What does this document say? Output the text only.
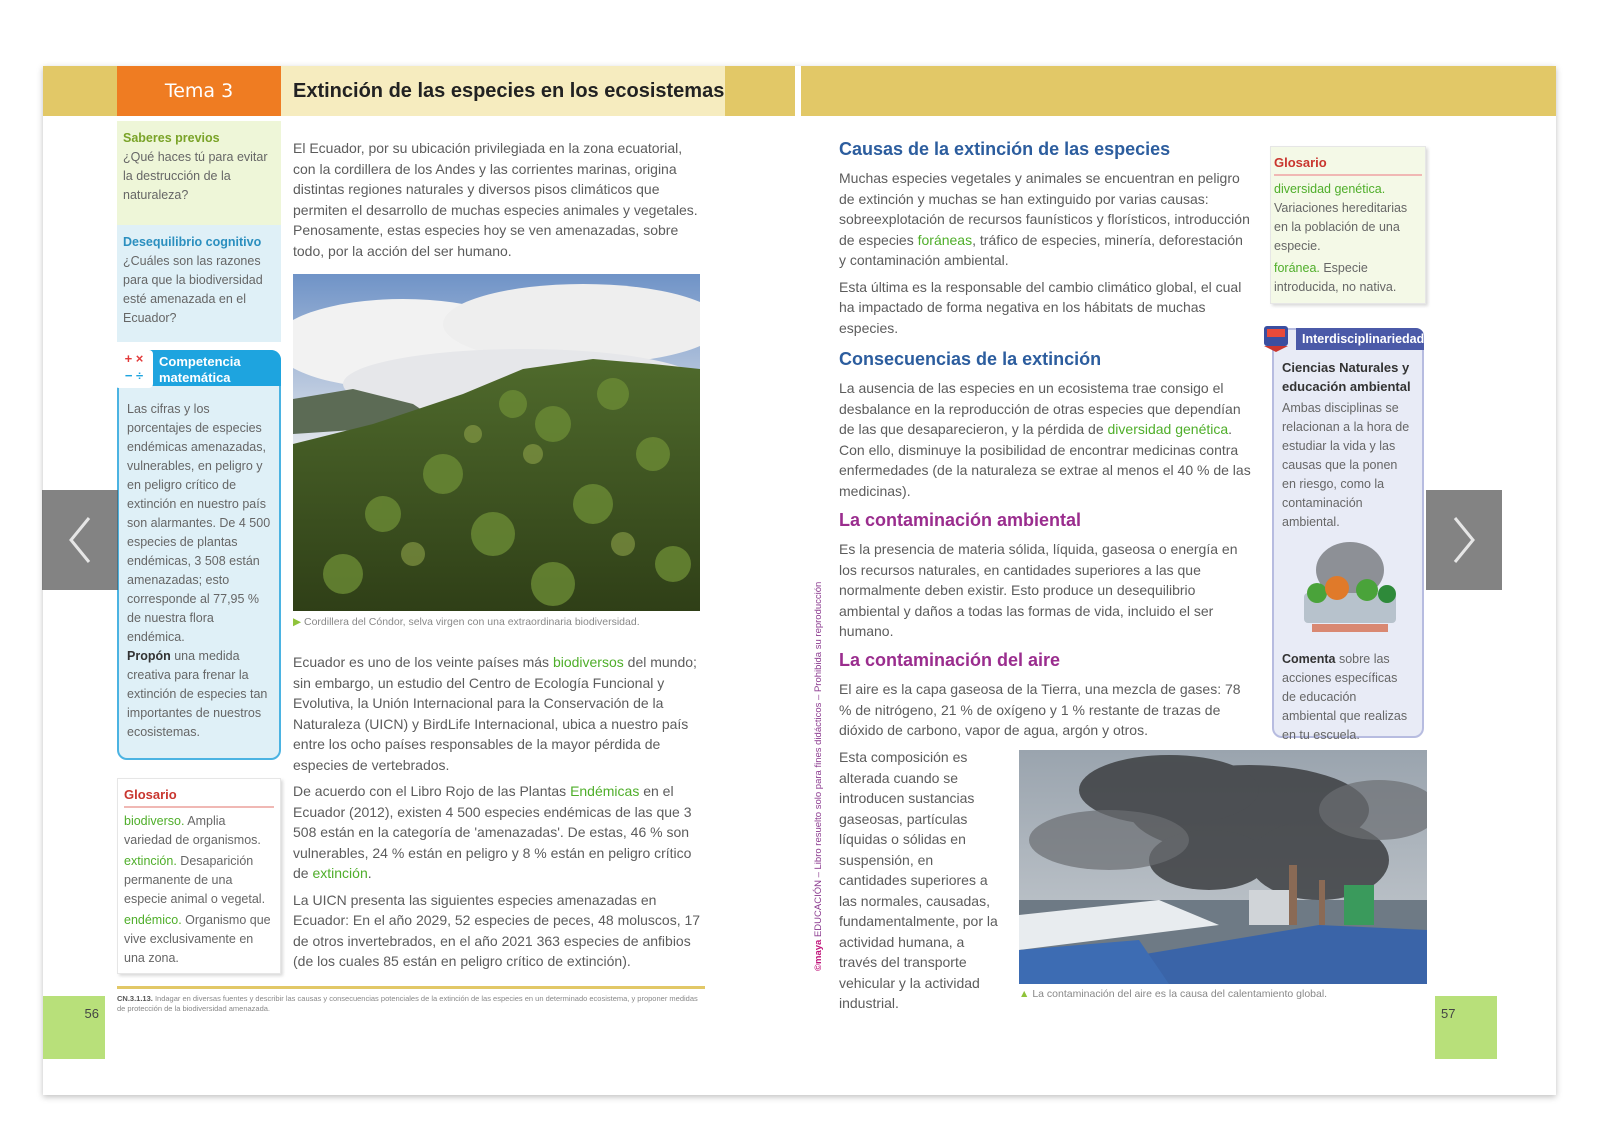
Tema 3	Extinción de las especies en los ecosistemas
Saberes previos
¿Qué haces tú para evitar la destrucción de la naturaleza?
Desequilibrio cognitivo
¿Cuáles son las razones para que la biodiversidad esté amenazada en el Ecuador?
Competencia
matemática
+ ×
− ÷
Las cifras y los porcentajes de especies endémicas amenazadas, vulnerables, en peligro y en peligro crítico de extinción en nuestro país son alarmantes. De 4 500 especies de plantas endémicas, 3 508 están amenazadas; esto corresponde al 77,95 % de nuestra flora endémica.
Propón una medida creativa para frenar la extinción de especies tan importantes de nuestros ecosistemas.
Glosario

biodiverso. Amplia variedad de organismos.

extinción. Desaparición permanente de una especie animal o vegetal.

endémico. Organismo que vive exclusivamente en una zona.

El Ecuador, por su ubicación privilegiada en la zona ecuatorial, con la cordillera de los Andes y las corrientes marinas, origina distintas regiones naturales y diversos pisos climáticos que permiten el desarrollo de muchas especies animales y vegetales. Penosamente, estas especies hoy se ven amenazadas, sobre todo, por la acción del ser humano.

▶ Cordillera del Cóndor, selva virgen con una extraordinaria biodiversidad.

Ecuador es uno de los veinte países más biodiversos del mundo; sin embargo, un estudio del Centro de Ecología Funcional y Evolutiva, la Unión Internacional para la Conservación de la Naturaleza (UICN) y BirdLife Internacional, ubica a nuestro país entre los ocho países responsables de la mayor pérdida de especies de vertebrados.

De acuerdo con el Libro Rojo de las Plantas Endémicas en el Ecuador (2012), existen 4 500 especies endémicas de las que 3 508 están en la categoría de 'amenazadas'. De estas, 46 % son vulnerables, 24 % están en peligro y 8 % están en peligro crítico de extinción.

La UICN presenta las siguientes especies amenazadas en Ecuador: En el año 2029, 52 especies de peces, 48 moluscos, 17 de otros invertebrados, en el año 2021 363 especies de anfibios (de los cuales 85 están en peligro crítico de extinción).

CN.3.1.13. Indagar en diversas fuentes y describir las causas y consecuencias potenciales de la extinción de las especies en un determinado ecosistema, y proponer medidas de protección de la biodiversidad amenazada.
56
©maya EDUCACIÓN – Libro resuelto solo para fines didácticos – Prohibida su reproducción
Causas de la extinción de las especies

Muchas especies vegetales y animales se encuentran en peligro de extinción y muchas se han extinguido por varias causas: sobreexplotación de recursos faunísticos y florísticos, introducción de especies foráneas, tráfico de especies, minería, deforestación y contaminación ambiental.

Esta última es la responsable del cambio climático global, el cual ha impactado de forma negativa en los hábitats de muchas especies.

Consecuencias de la extinción

La ausencia de las especies en un ecosistema trae consigo el desbalance en la reproducción de otras especies que dependían de las que desaparecieron, y la pérdida de diversidad genética. Con ello, disminuye la posibilidad de encontrar medicinas contra enfermedades (de la naturaleza se extrae al menos el 40 % de las medicinas).

La contaminación ambiental

Es la presencia de materia sólida, líquida, gaseosa o energía en los recursos naturales, en cantidades superiores a las que normalmente deben existir. Esto produce un desequilibrio ambiental y daños a todas las formas de vida, incluido el ser humano.

La contaminación del aire

El aire es la capa gaseosa de la Tierra, una mezcla de gases: 78 % de nitrógeno, 21 % de oxígeno y 1 % restante de trazas de dióxido de carbono, vapor de agua, argón y otros.

Esta composición es alterada cuando se introducen sustancias gaseosas, partículas líquidas o sólidas en suspensión, en cantidades superiores a las normales, causadas, fundamentalmente, por la actividad humana, a través del transporte vehicular y la actividad industrial.

▲ La contaminación del aire es la causa del calentamiento global.
Glosario

diversidad genética. Variaciones hereditarias en la población de una especie.

foránea. Especie introducida, no nativa.

Interdisciplinariedad
Ciencias Naturales y educación ambiental
Ambas disciplinas se relacionan a la hora de estudiar la vida y las causas que la ponen en riesgo, como la contaminación ambiental.
Comenta sobre las acciones específicas de educación ambiental que realizas en tu escuela.
57
